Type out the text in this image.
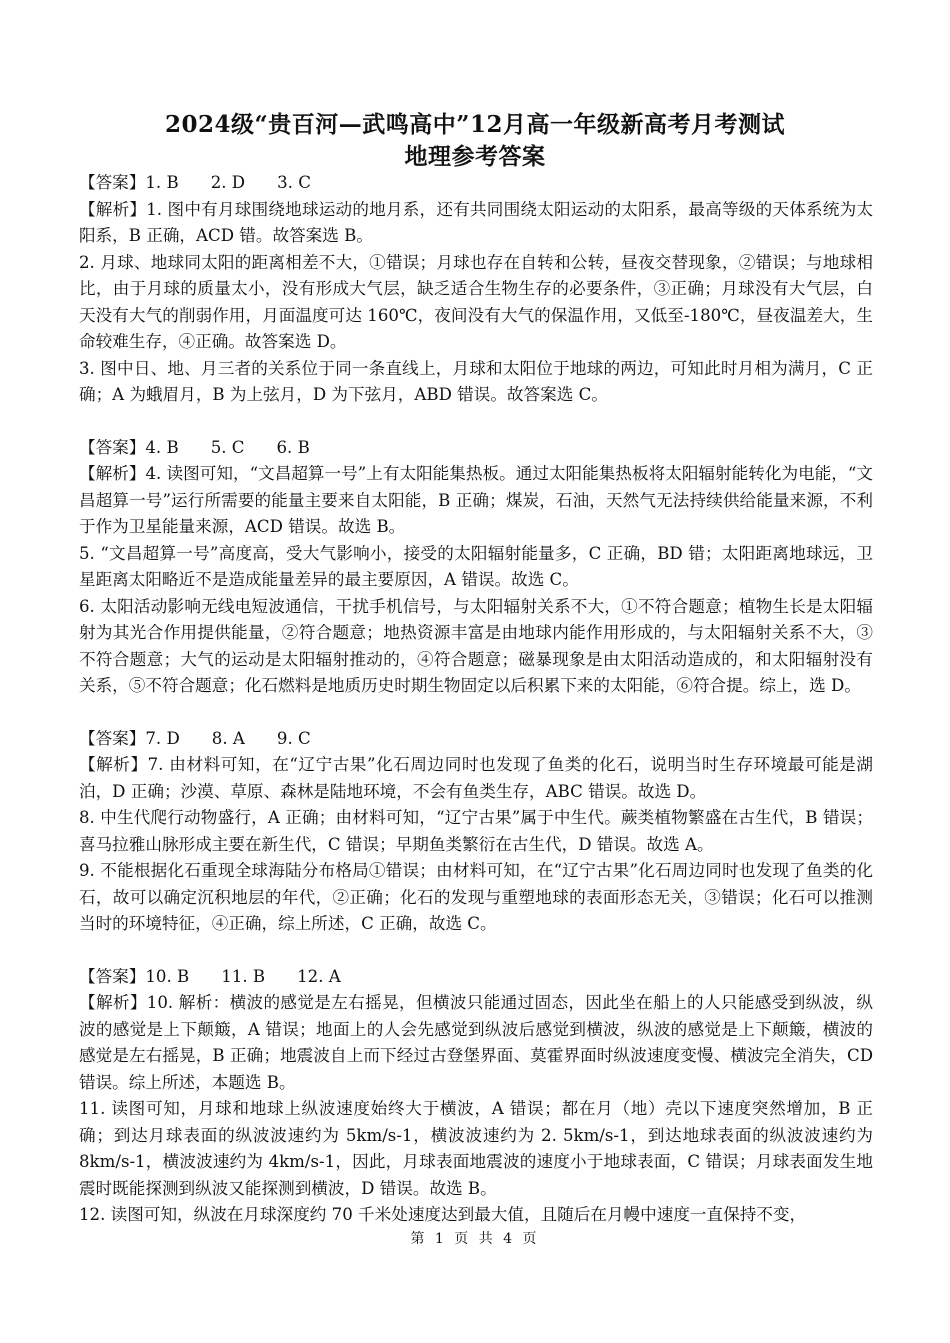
2024级“贵百河—武鸣高中”12月高一年级新高考月考测试
地理参考答案

【答案】1. B 2. D 3. C

【解析】1. 图中有月球围绕地球运动的地月系，还有共同围绕太阳运动的太阳系，最高等级的天体系统为太阳系，B 正确，ACD 错。故答案选 B。

2. 月球、地球同太阳的距离相差不大，①错误；月球也存在自转和公转，昼夜交替现象，②错误；与地球相比，由于月球的质量太小，没有形成大气层，缺乏适合生物生存的必要条件，③正确；月球没有大气层，白天没有大气的削弱作用，月面温度可达 160℃，夜间没有大气的保温作用，又低至-180℃，昼夜温差大，生命较难生存，④正确。故答案选 D。

3. 图中日、地、月三者的关系位于同一条直线上，月球和太阳位于地球的两边，可知此时月相为满月，C 正确；A 为蛾眉月，B 为上弦月，D 为下弦月，ABD 错误。故答案选 C。

【答案】4. B 5. C 6. B

【解析】4. 读图可知，“文昌超算一号”上有太阳能集热板。通过太阳能集热板将太阳辐射能转化为电能，“文昌超算一号”运行所需要的能量主要来自太阳能，B 正确；煤炭，石油，天然气无法持续供给能量来源，不利于作为卫星能量来源，ACD 错误。故选 B。

5. “文昌超算一号”高度高，受大气影响小，接受的太阳辐射能量多，C 正确，BD 错；太阳距离地球远，卫星距离太阳略近不是造成能量差异的最主要原因，A 错误。故选 C。

6. 太阳活动影响无线电短波通信，干扰手机信号，与太阳辐射关系不大，①不符合题意；植物生长是太阳辐射为其光合作用提供能量，②符合题意；地热资源丰富是由地球内能作用形成的，与太阳辐射关系不大，③不符合题意；大气的运动是太阳辐射推动的，④符合题意；磁暴现象是由太阳活动造成的，和太阳辐射没有关系，⑤不符合题意；化石燃料是地质历史时期生物固定以后积累下来的太阳能，⑥符合提。综上，选 D。

【答案】7. D 8. A 9. C

【解析】7. 由材料可知，在“辽宁古果”化石周边同时也发现了鱼类的化石，说明当时生存环境最可能是湖泊，D 正确；沙漠、草原、森林是陆地环境，不会有鱼类生存，ABC 错误。故选 D。

8. 中生代爬行动物盛行，A 正确；由材料可知，“辽宁古果”属于中生代。蕨类植物繁盛在古生代，B 错误；喜马拉雅山脉形成主要在新生代，C 错误；早期鱼类繁衍在古生代，D 错误。故选 A。

9. 不能根据化石重现全球海陆分布格局①错误；由材料可知，在“辽宁古果”化石周边同时也发现了鱼类的化石，故可以确定沉积地层的年代，②正确；化石的发现与重塑地球的表面形态无关，③错误；化石可以推测当时的环境特征，④正确，综上所述，C 正确，故选 C。

【答案】10. B 11. B 12. A

【解析】10. 解析：横波的感觉是左右摇晃，但横波只能通过固态，因此坐在船上的人只能感受到纵波，纵波的感觉是上下颠簸，A 错误；地面上的人会先感觉到纵波后感觉到横波，纵波的感觉是上下颠簸，横波的感觉是左右摇晃，B 正确；地震波自上而下经过古登堡界面、莫霍界面时纵波速度变慢、横波完全消失，CD 错误。综上所述，本题选 B。

11. 读图可知，月球和地球上纵波速度始终大于横波，A 错误；都在月（地）壳以下速度突然增加，B 正确；到达月球表面的纵波波速约为 5km/s-1，横波波速约为 2. 5km/s-1，到达地球表面的纵波波速约为 8km/s-1，横波波速约为 4km/s-1，因此，月球表面地震波的速度小于地球表面，C 错误；月球表面发生地震时既能探测到纵波又能探测到横波，D 错误。故选 B。

12. 读图可知，纵波在月球深度约 70 千米处速度达到最大值，且随后在月幔中速度一直保持不变，

第 1 页 共 4 页
